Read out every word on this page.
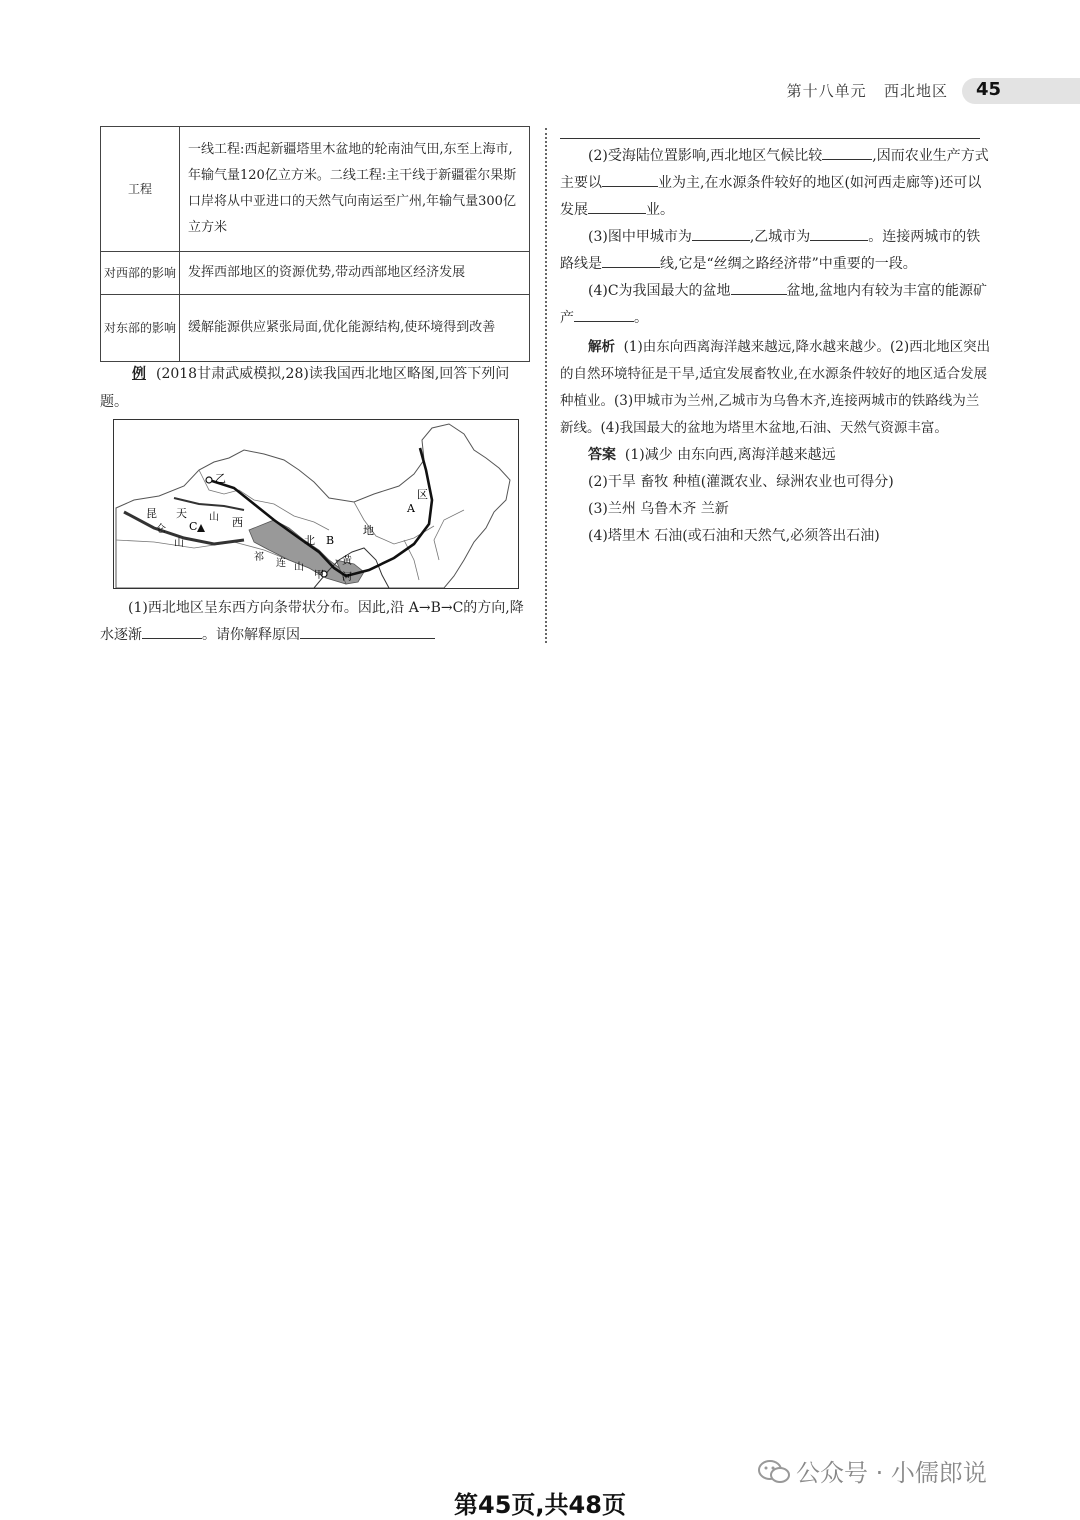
第十八单元 西北地区 45
工程	一线工程:西起新疆塔里木盆地的轮南油气田,东至上海市,年输气量120亿立方米。二线工程:主干线于新疆霍尔果斯口岸将从中亚进口的天然气向南运至广州,年输气量300亿立方米
对西部的影响	发挥西部地区的资源优势,带动西部地区经济发展
对东部的影响	缓解能源供应紧张局面,优化能源结构,使环境得到改善
例 (2018甘肃武威模拟,28)读我国西北地区略图,回答下列问题。
乙
A
区
地
B
北
西
C
山
天
昆
仑
山
祁
连 山
甲
黄
河
(1)西北地区呈东西方向条带状分布。因此,沿 A→B→C的方向,降水逐渐	。请你解释原因

(2)受海陆位置影响,西北地区气候比较	,因而农业生产方式主要以	业为主,在水源条件较好的地区(如河西走廊等)还可以发展	业。

(3)图中甲城市为	,乙城市为	。连接两城市的铁路线是	线,它是“丝绸之路经济带”中重要的一段。

(4)C为我国最大的盆地	盆地,盆地内有较为丰富的能源矿产	。

解析 (1)由东向西离海洋越来越远,降水越来越少。(2)西北地区突出的自然环境特征是干旱,适宜发展畜牧业,在水源条件较好的地区适合发展种植业。(3)甲城市为兰州,乙城市为乌鲁木齐,连接两城市的铁路线为兰新线。(4)我国最大的盆地为塔里木盆地,石油、天然气资源丰富。

答案 (1)减少 由东向西,离海洋越来越远

(2)干旱 畜牧 种植(灌溉农业、绿洲农业也可得分)

(3)兰州 乌鲁木齐 兰新

(4)塔里木 石油(或石油和天然气,必须答出石油)

公众号 · 小儒郎说
第45页,共48页
